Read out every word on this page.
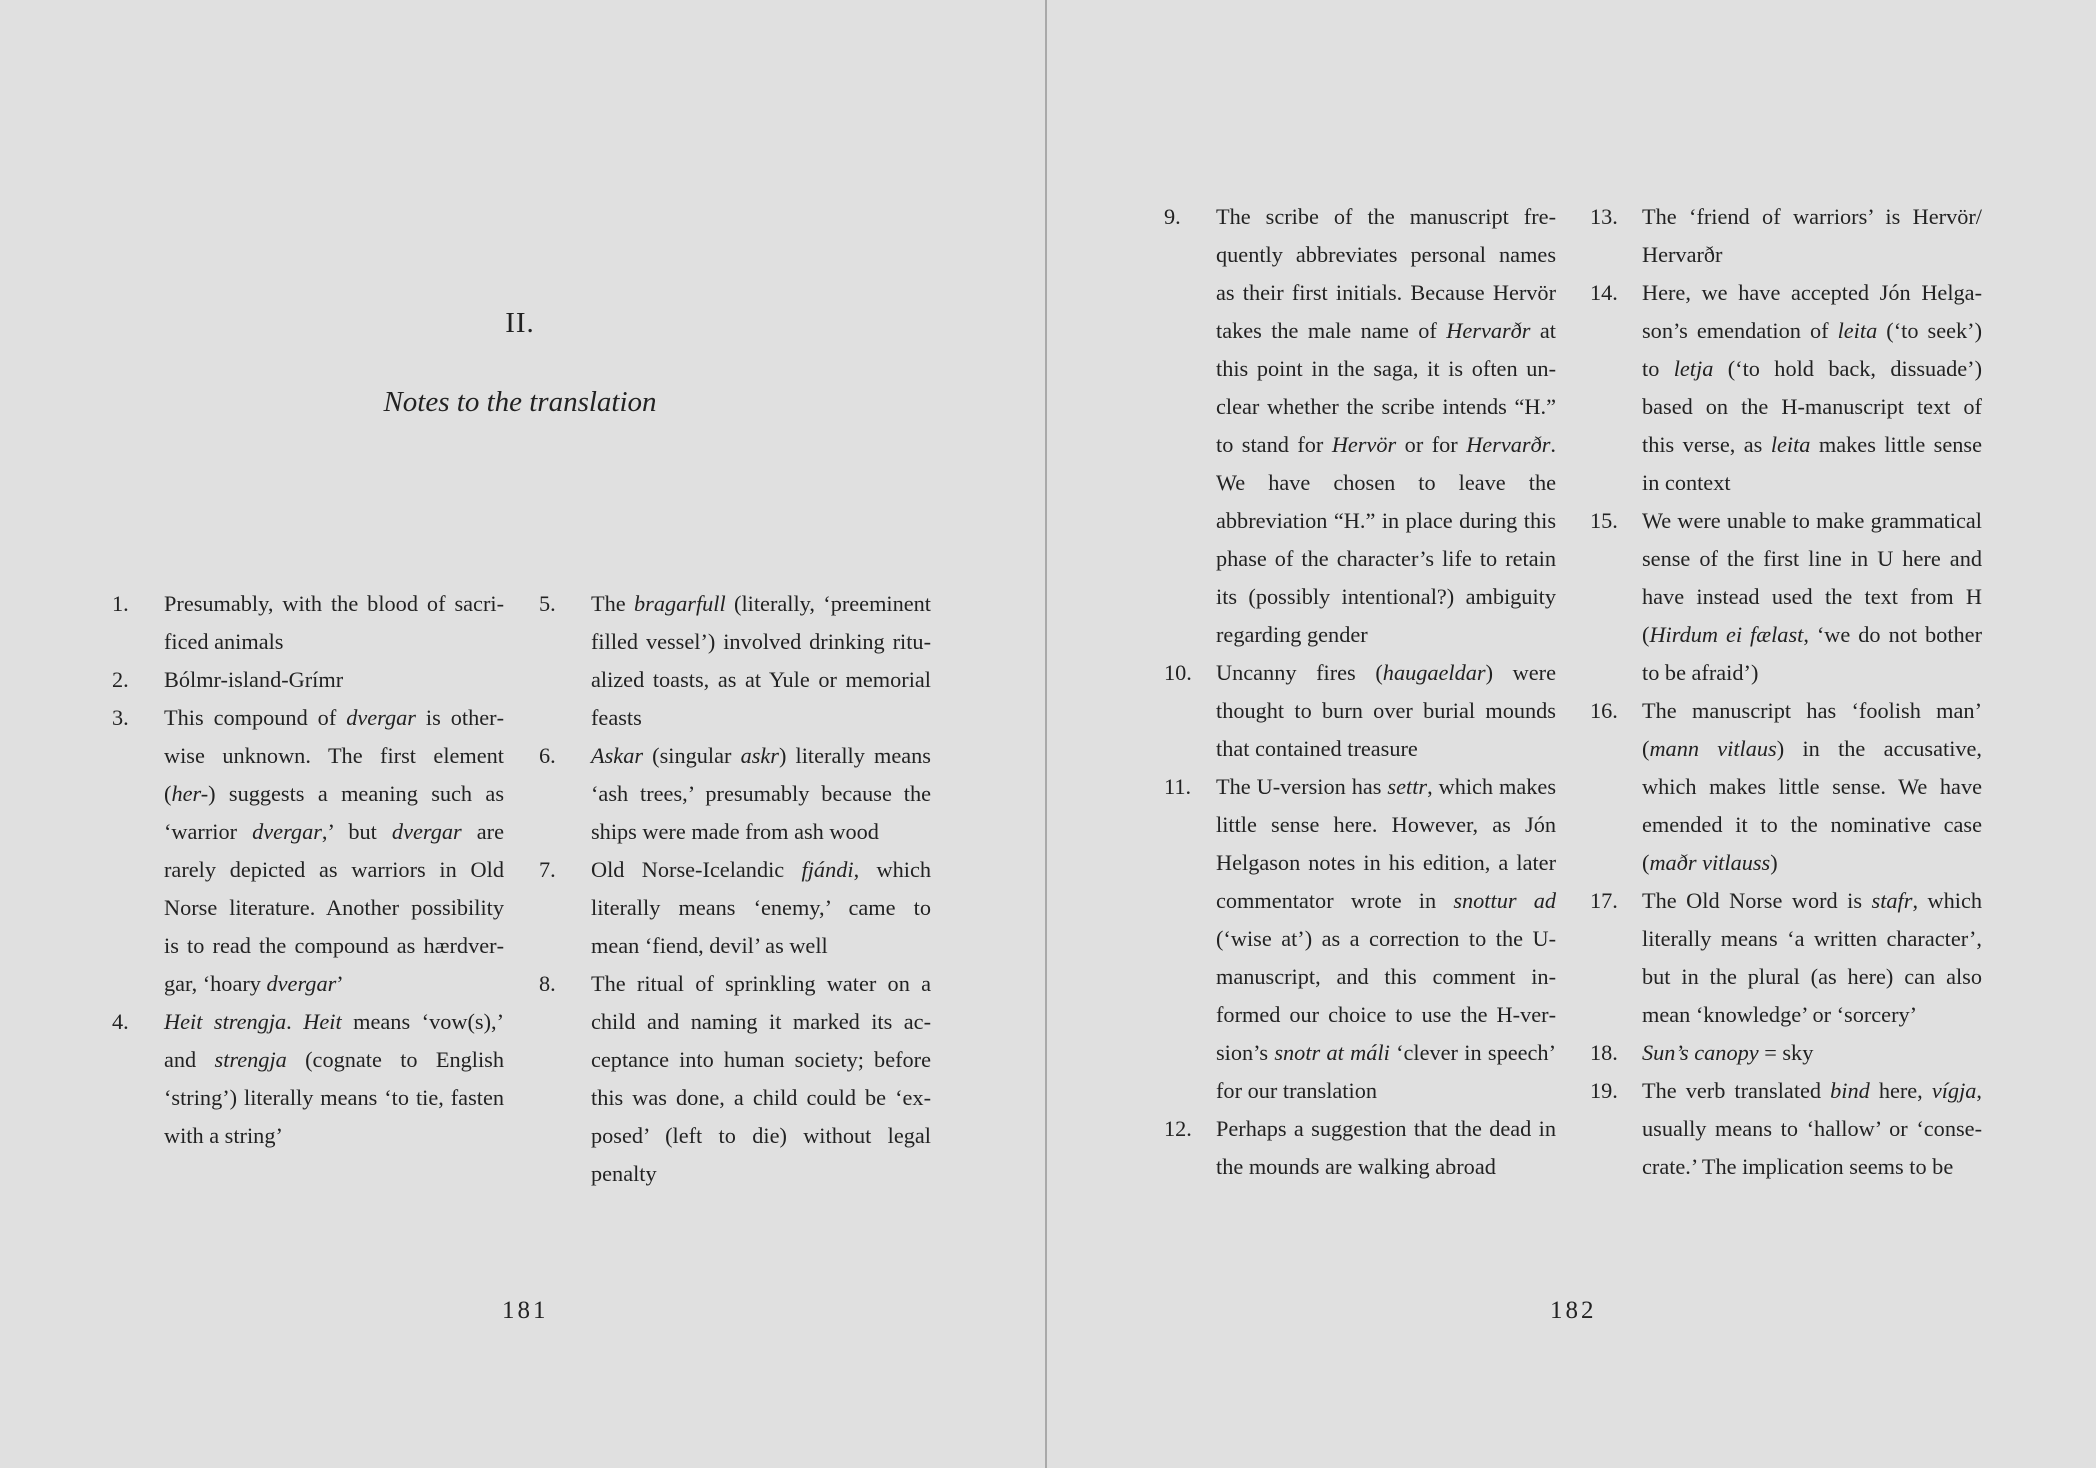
II.
Notes to the translation
1. Presumably, with the blood of sacrificed animals
2. Bólmr-island-Grímr
3. This compound of dvergar is otherwise unknown. The first element (her-) suggests a meaning such as ‘warrior dvergar,’ but dvergar are rarely depicted as warriors in Old Norse literature. Another possibility is to read the compound as hærdvergar, ‘hoary dvergar’
4. Heit strengja. Heit means ‘vow(s),’ and strengja (cognate to English ‘string’) literally means ‘to tie, fasten with a string’
5. The bragarfull (literally, ‘preeminent filled vessel’) involved drinking ritualized toasts, as at Yule or memorial feasts
6. Askar (singular askr) literally means ‘ash trees,’ presumably because the ships were made from ash wood
7. Old Norse-Icelandic fjándi, which literally means ‘enemy,’ came to mean ‘fiend, devil’ as well
8. The ritual of sprinkling water on a child and naming it marked its acceptance into human society; before this was done, a child could be ‘exposed’ (left to die) without legal penalty
181
9. The scribe of the manuscript frequently abbreviates personal names as their first initials. Because Hervör takes the male name of Hervarðr at this point in the saga, it is often unclear whether the scribe intends “H.” to stand for Hervör or for Hervarðr. We have chosen to leave the abbreviation “H.” in place during this phase of the character’s life to retain its (possibly intentional?) ambiguity regarding gender
10. Uncanny fires (haugaeldar) were thought to burn over burial mounds that contained treasure
11. The U-version has settr, which makes little sense here. However, as Jón Helgason notes in his edition, a later commentator wrote in snottur ad (‘wise at’) as a correction to the U-manuscript, and this comment informed our choice to use the H-version’s snotr at máli ‘clever in speech’ for our translation
12. Perhaps a suggestion that the dead in the mounds are walking abroad
13. The ‘friend of warriors’ is Hervör/ Hervarðr
14. Here, we have accepted Jón Helgason’s emendation of leita (‘to seek’) to letja (‘to hold back, dissuade’) based on the H-manuscript text of this verse, as leita makes little sense in context
15. We were unable to make grammatical sense of the first line in U here and have instead used the text from H (Hirdum ei fælast, ‘we do not bother to be afraid’)
16. The manuscript has ‘foolish man’ (mann vitlaus) in the accusative, which makes little sense. We have emended it to the nominative case (maðr vitlauss)
17. The Old Norse word is stafr, which literally means ‘a written character’, but in the plural (as here) can also mean ‘knowledge’ or ‘sorcery’
18. Sun’s canopy = sky
19. The verb translated bind here, vígja, usually means to ‘hallow’ or ‘consecrate.’ The implication seems to be
182
